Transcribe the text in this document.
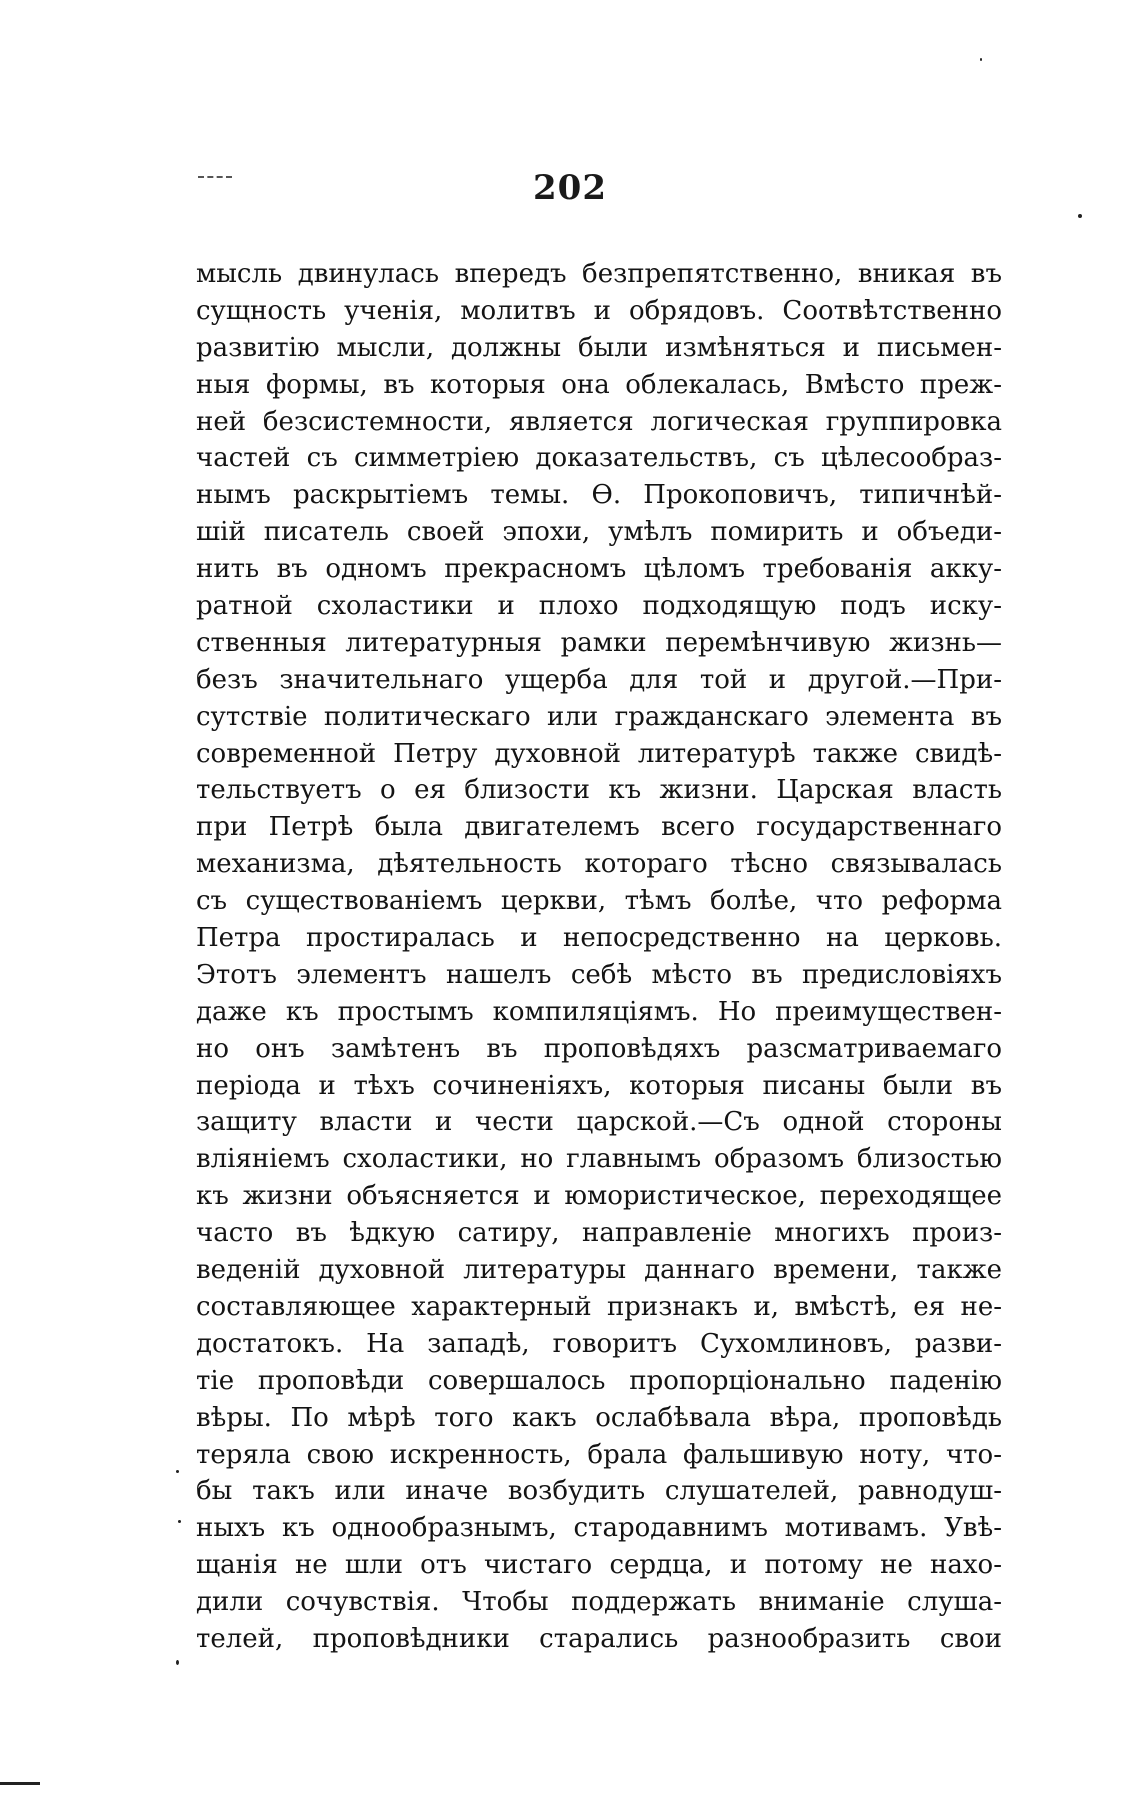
202
мысль двинулась впередъ безпрепятственно, вникая въ
сущность ученія, молитвъ и обрядовъ. Соотвѣтственно
развитію мысли, должны были измѣняться и письмен-
ныя формы, въ которыя она облекалась, Вмѣсто преж-
ней безсистемности, является логическая группировка
частей съ симметріею доказательствъ, съ цѣлесообраз-
нымъ раскрытіемъ темы. Ѳ. Прокоповичъ, типичнѣй-
шій писатель своей эпохи, умѣлъ помирить и объеди-
нить въ одномъ прекрасномъ цѣломъ требованія акку-
ратной схоластики и плохо подходящую подъ иску-
ственныя литературныя рамки перемѣнчивую жизнь—
безъ значительнаго ущерба для той и другой.—При-
сутствіе политическаго или гражданскаго элемента въ
современной Петру духовной литературѣ также свидѣ-
тельствуетъ о ея близости къ жизни. Царская власть
при Петрѣ была двигателемъ всего государственнаго
механизма, дѣятельность котораго тѣсно связывалась
съ существованіемъ церкви, тѣмъ болѣе, что реформа
Петра простиралась и непосредственно на церковь.
Этотъ элементъ нашелъ себѣ мѣсто въ предисловіяхъ
даже къ простымъ компиляціямъ. Но преимуществен-
но онъ замѣтенъ въ проповѣдяхъ разсматриваемаго
періода и тѣхъ сочиненіяхъ, которыя писаны были въ
защиту власти и чести царской.—Съ одной стороны
вліяніемъ схоластики, но главнымъ образомъ близостью
къ жизни объясняется и юмористическое, переходящее
часто въ ѣдкую сатиру, направленіе многихъ произ-
веденій духовной литературы даннаго времени, также
составляющее характерный признакъ и, вмѣстѣ, ея не-
достатокъ. На западѣ, говоритъ Сухомлиновъ, разви-
тіе проповѣди совершалось пропорціонально паденію
вѣры. По мѣрѣ того какъ ослабѣвала вѣра, проповѣдь
теряла свою искренность, брала фальшивую ноту, что-
бы такъ или иначе возбудить слушателей, равнодуш-
ныхъ къ однообразнымъ, стародавнимъ мотивамъ. Увѣ-
щанія не шли отъ чистаго сердца, и потому не нахо-
дили сочувствія. Чтобы поддержать вниманіе слуша-
телей, проповѣдники старались разнообразить свои
